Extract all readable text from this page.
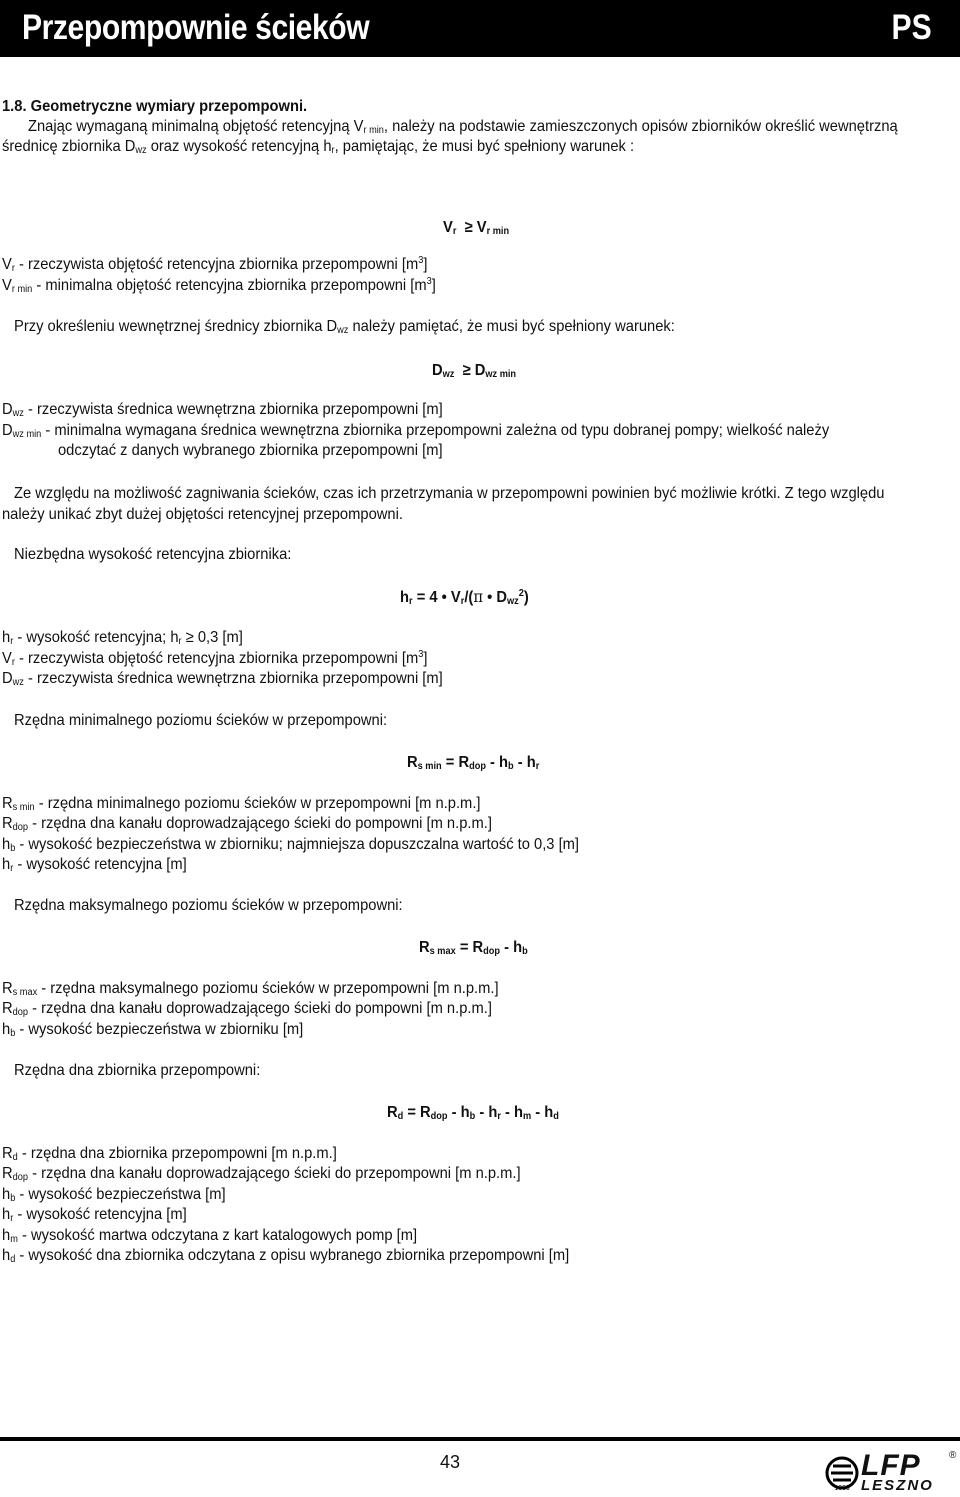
Przepompownie ścieków	PS
1.8. Geometryczne wymiary przepompowni.
Znając wymaganą minimalną objętość retencyjną $V_{r min}$, należy na podstawie zamieszczonych opisów zbiorników określić wewnętrzną
średnicę zbiornika $D_{wz}$ oraz wysokość retencyjną $h_r$, pamiętając, że musi być spełniony warunek :
$V_r \ge V_{r min}$
$V_r$ - rzeczywista objętość retencyjna zbiornika przepompowni $[m^3]$
$V_{r min}$ - minimalna objętość retencyjna zbiornika przepompowni $[m^3]$
Przy określeniu wewnętrznej średnicy zbiornika $D_{wz}$ należy pamiętać, że musi być spełniony warunek:
$D_{wz} \ge D_{wz min}$
$D_{wz}$ - rzeczywista średnica wewnętrzna zbiornika przepompowni [m]
$D_{wz min}$ - minimalna wymagana średnica wewnętrzna zbiornika przepompowni zależna od typu dobranej pompy; wielkość należy
odczytać z danych wybranego zbiornika przepompowni [m]
Ze względu na możliwość zagniwania ścieków, czas ich przetrzymania w przepompowni powinien być możliwie krótki. Z tego względu
należy unikać zbyt dużej objętości retencyjnej przepompowni.
Niezbędna wysokość retencyjna zbiornika:
$h_r = 4$ • $V_r/(\pi$ • $D_{wz}^2$)
$h_r$ - wysokość retencyjna; $h_r \ge 0,3$ [m]
$V_r$ - rzeczywista objętość retencyjna zbiornika przepompowni $[m^3]$
$D_{wz}$ - rzeczywista średnica wewnętrzna zbiornika przepompowni [m]
Rzędna minimalnego poziomu ścieków w przepompowni:
$R_{s min} = R_{dop} - h_b - h_r$
$R_{s min}$ - rzędna minimalnego poziomu ścieków w przepompowni [m n.p.m.]
$R_{dop}$ - rzędna dna kanału doprowadzającego ścieki do pompowni [m n.p.m.]
$h_b$ - wysokość bezpieczeństwa w zbiorniku; najmniejsza dopuszczalna wartość to 0,3 [m]
$h_r$ - wysokość retencyjna [m]
Rzędna maksymalnego poziomu ścieków w przepompowni:
$R_{s max} = R_{dop} - h_b$
$R_{s max}$ - rzędna maksymalnego poziomu ścieków w przepompowni [m n.p.m.]
$R_{dop}$ - rzędna dna kanału doprowadzającego ścieki do pompowni [m n.p.m.]
$h_b$ - wysokość bezpieczeństwa w zbiorniku [m]
Rzędna dna zbiornika przepompowni:
$R_d = R_{dop} - h_b - h_r - h_m - h_d$
$R_d$ - rzędna dna zbiornika przepompowni [m n.p.m.]
$R_{dop}$ - rzędna dna kanału doprowadzającego ścieki do przepompowni [m n.p.m.]
$h_b$ - wysokość bezpieczeństwa [m]
$h_r$ - wysokość retencyjna [m]
$h_m$ - wysokość martwa odczytana z kart katalogowych pomp [m]
$h_d$ - wysokość dna zbiornika odczytana z opisu wybranego zbiornika przepompowni [m]
43
1869
LFP
LESZNO
®
